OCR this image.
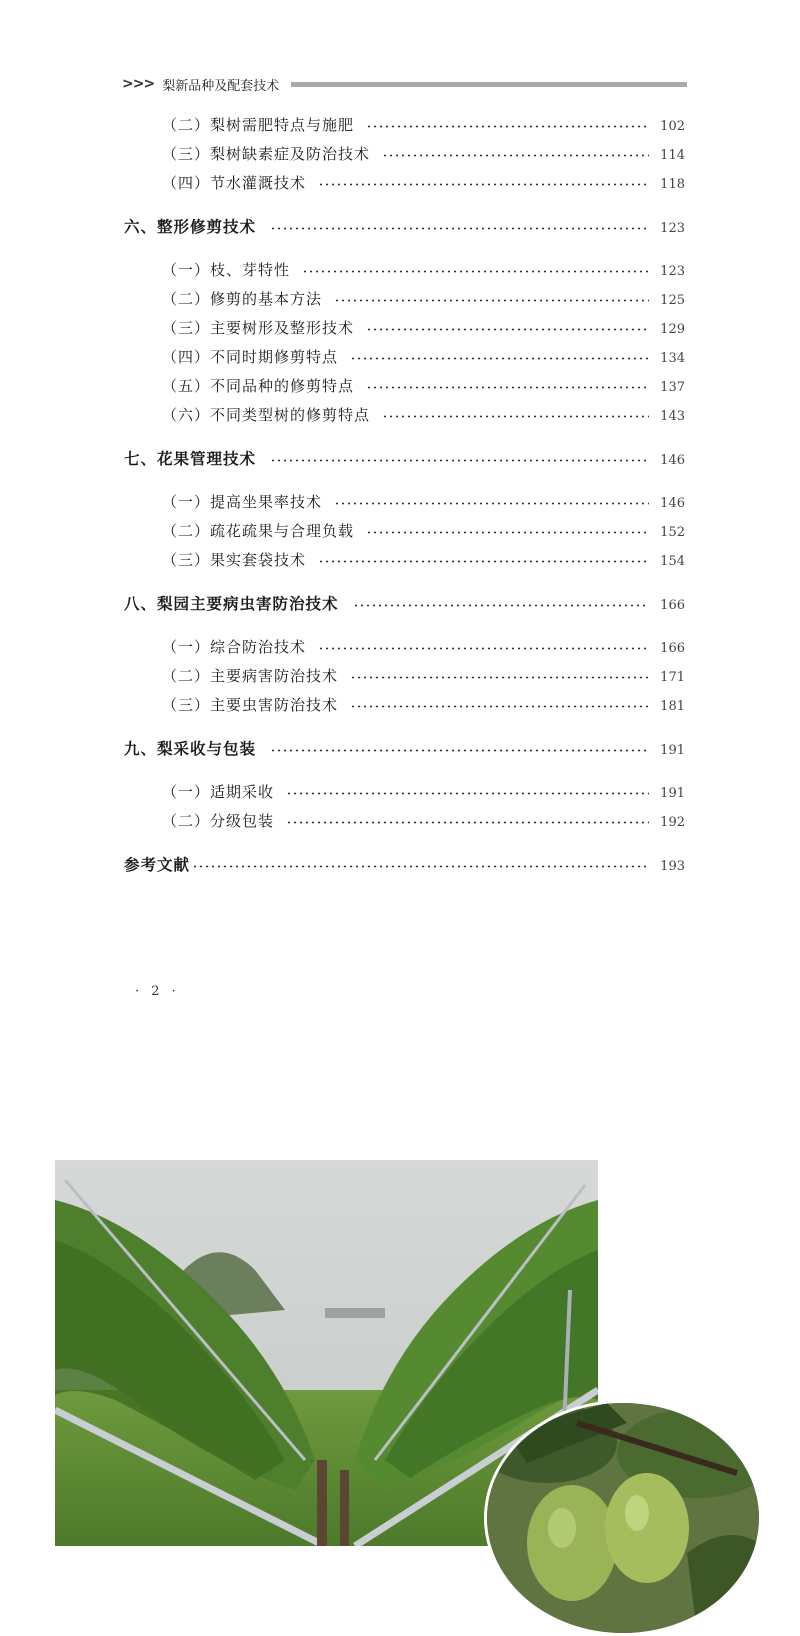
>>> 梨新品种及配套技术
（二）梨树需肥特点与施肥	102
（三）梨树缺素症及防治技术	114
（四）节水灌溉技术	118
六、整形修剪技术	123
（一）枝、芽特性	123
（二）修剪的基本方法	125
（三）主要树形及整形技术	129
（四）不同时期修剪特点	134
（五）不同品种的修剪特点	137
（六）不同类型树的修剪特点	143
七、花果管理技术	146
（一）提高坐果率技术	146
（二）疏花疏果与合理负载	152
（三）果实套袋技术	154
八、梨园主要病虫害防治技术	166
（一）综合防治技术	166
（二）主要病害防治技术	171
（三）主要虫害防治技术	181
九、梨采收与包装	191
（一）适期采收	191
（二）分级包装	192
参考文献	193
· 2 ·
